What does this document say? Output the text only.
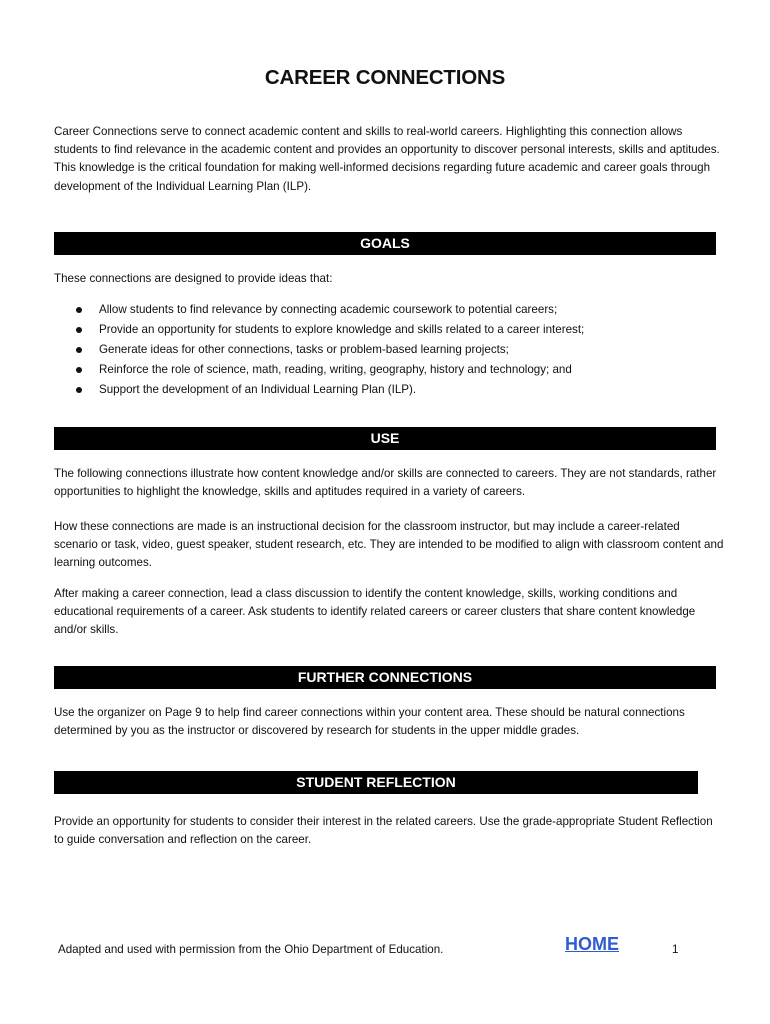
CAREER CONNECTIONS

Career Connections serve to connect academic content and skills to real-world careers. Highlighting this connection allows students to find relevance in the academic content and provides an opportunity to discover personal interests, skills and aptitudes. This knowledge is the critical foundation for making well-informed decisions regarding future academic and career goals through development of the Individual Learning Plan (ILP).

GOALS

These connections are designed to provide ideas that:

Allow students to find relevance by connecting academic coursework to potential careers;
Provide an opportunity for students to explore knowledge and skills related to a career interest;
Generate ideas for other connections, tasks or problem-based learning projects;
Reinforce the role of science, math, reading, writing, geography, history and technology; and
Support the development of an Individual Learning Plan (ILP).
USE

The following connections illustrate how content knowledge and/or skills are connected to careers. They are not standards, rather opportunities to highlight the knowledge, skills and aptitudes required in a variety of careers.

How these connections are made is an instructional decision for the classroom instructor, but may include a career-related scenario or task, video, guest speaker, student research, etc. They are intended to be modified to align with classroom content and learning outcomes.

After making a career connection, lead a class discussion to identify the content knowledge, skills, working conditions and educational requirements of a career. Ask students to identify related careers or career clusters that share content knowledge and/or skills.

FURTHER CONNECTIONS

Use the organizer on Page 9 to help find career connections within your content area. These should be natural connections determined by you as the instructor or discovered by research for students in the upper middle grades.

STUDENT REFLECTION

Provide an opportunity for students to consider their interest in the related careers. Use the grade-appropriate Student Reflection to guide conversation and reflection on the career.

Adapted and used with permission from the Ohio Department of Education.	HOME	1
